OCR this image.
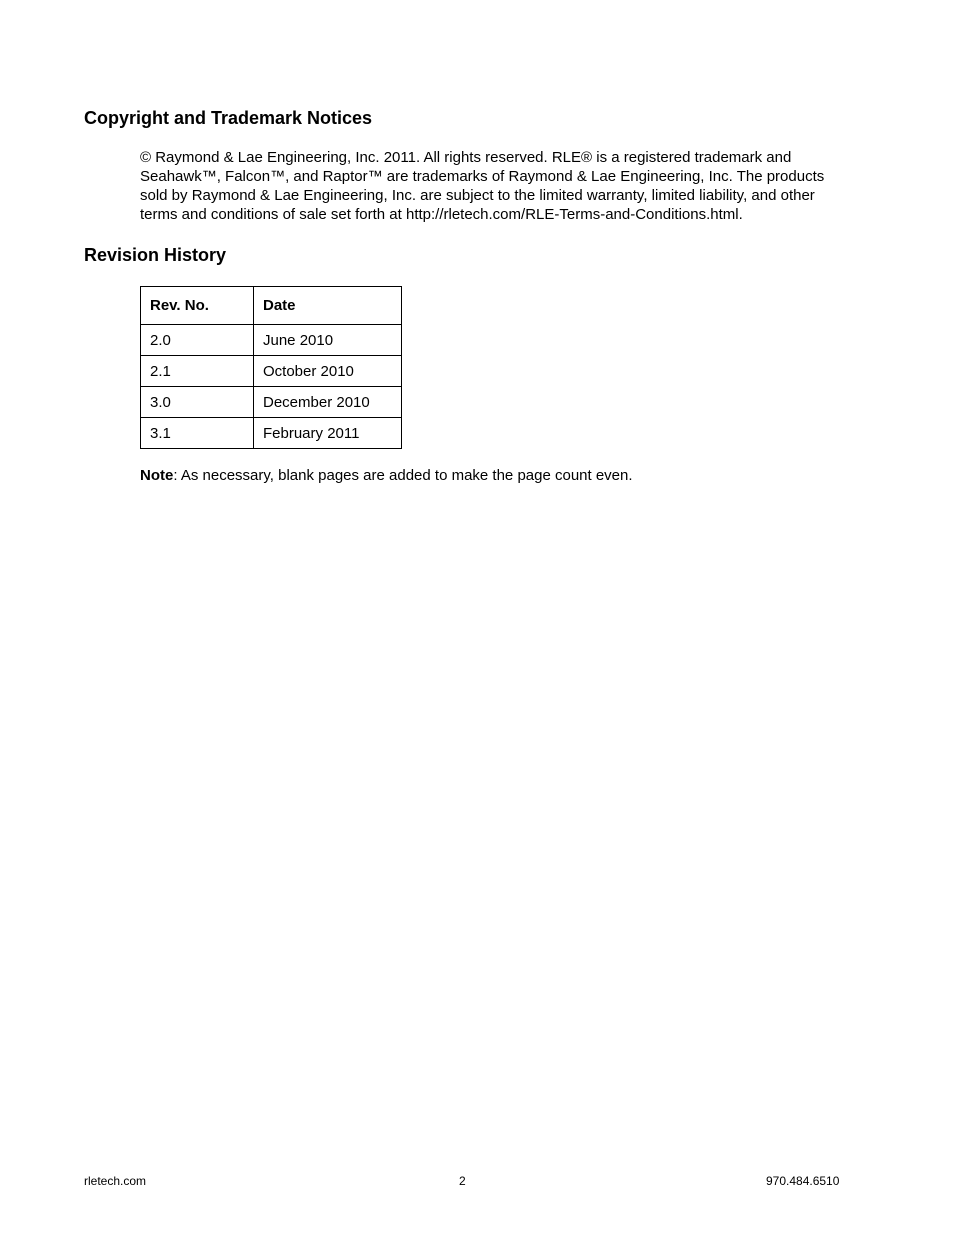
Copyright and Trademark Notices

© Raymond & Lae Engineering, Inc. 2011. All rights reserved. RLE® is a registered trademark and Seahawk™, Falcon™, and Raptor™ are trademarks of Raymond & Lae Engineering, Inc. The products sold by Raymond & Lae Engineering, Inc. are subject to the limited warranty, limited liability, and other terms and conditions of sale set forth at http://rletech.com/RLE-Terms-and-Conditions.html.

Revision History
Rev. No.	Date
2.0	June 2010
2.1	October 2010
3.0	December 2010
3.1	February 2011

Note: As necessary, blank pages are added to make the page count even.

rletech.com	2	970.484.6510
